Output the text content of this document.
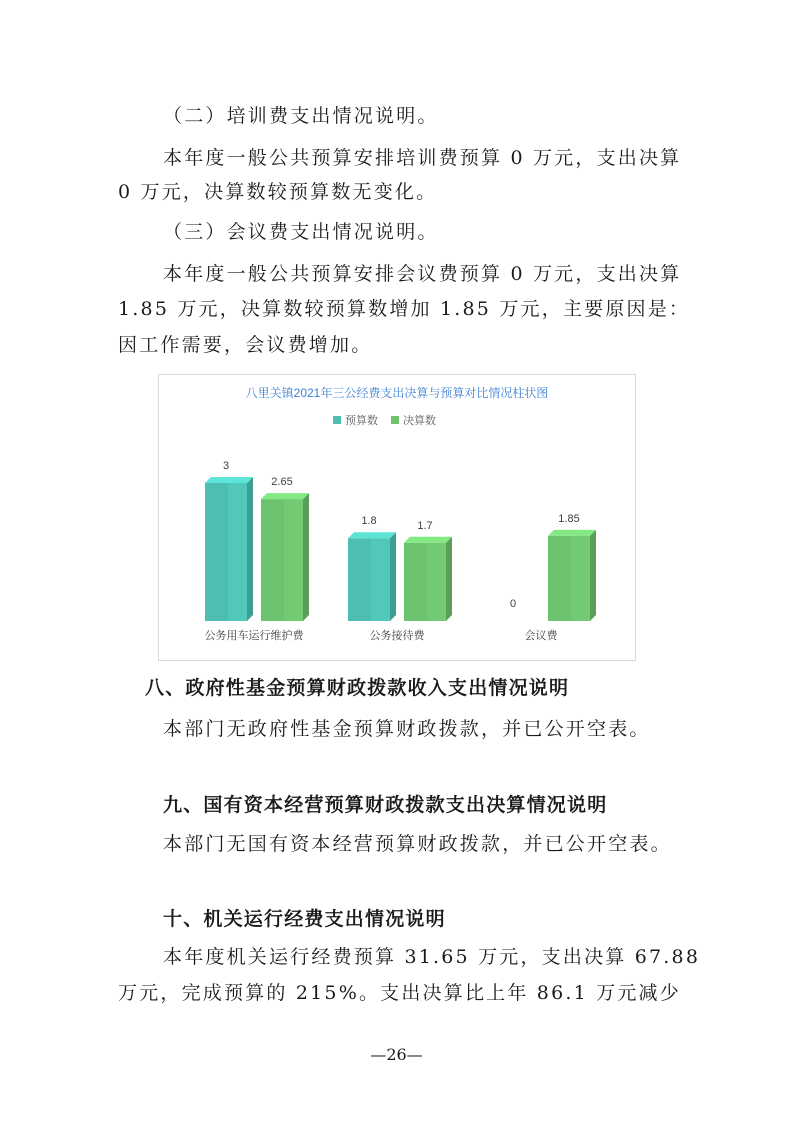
（二）培训费支出情况说明。
本年度一般公共预算安排培训费预算 0 万元，支出决算
0 万元，决算数较预算数无变化。
（三）会议费支出情况说明。
本年度一般公共预算安排会议费预算 0 万元，支出决算
1.85 万元，决算数较预算数增加 1.85 万元，主要原因是：
因工作需要，会议费增加。
八里关镇2021年三公经费支出决算与预算对比情况柱状图
预算数 决算数
3
2.65
1.8	1.7
0
1.85
公务用车运行维护费	公务接待费	会议费
八、政府性基金预算财政拨款收入支出情况说明
本部门无政府性基金预算财政拨款，并已公开空表。
九、国有资本经营预算财政拨款支出决算情况说明
本部门无国有资本经营预算财政拨款，并已公开空表。
十、机关运行经费支出情况说明
本年度机关运行经费预算 31.65 万元，支出决算 67.88
万元，完成预算的 215%。支出决算比上年 86.1 万元减少
—26—
